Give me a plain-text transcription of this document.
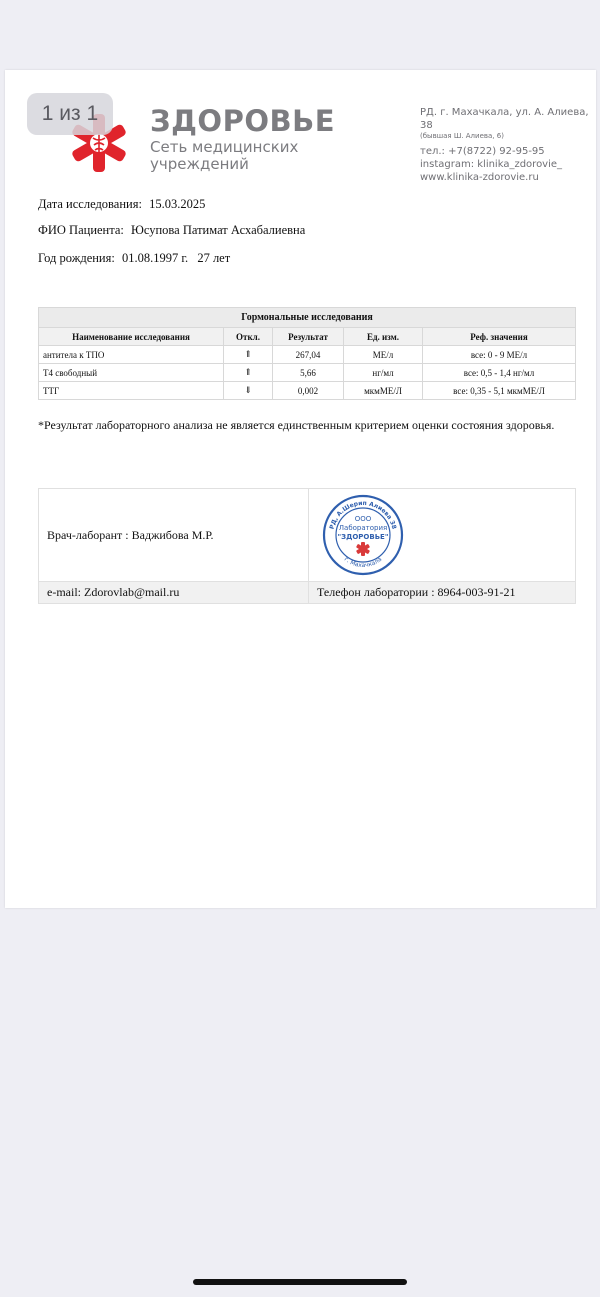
1 из 1	ЗДОРОВЬЕ
Сеть медицинских
учреждений
РД. г. Махачкала, ул. А. Алиева, 38
(бывшая Ш. Алиева, 6)
тел.: +7(8722) 92-95-95
instagram: klinika_zdorovie_
www.klinika-zdorovie.ru
Дата исследования: 15.03.2025
ФИО Пациента: Юсупова Патимат Асхабалиевна
Год рождения: 01.08.1997 г. 27 лет
Гормональные исследования				
Наименование исследования	Откл.	Результат	Ед. изм.	Реф. значения
антитела к ТПО	⇑	267,04	МЕ/л	все: 0 - 9 МЕ/л
Т4 свободный	⇑	5,66	нг/мл	все: 0,5 - 1,4 нг/мл
ТТГ	⇓	0,002	мкмМЕ/Л	все: 0,35 - 5,1 мкмМЕ/Л
*Результат лабораторного анализа не является единственным критерием оценки состояния здоровья.
Врач-лаборант : Ваджибова М.Р.	РД, А.Шерип Алиева 38
г. Махачкала
ООО
Лаборатория
"ЗДОРОВЬЕ"

e-mail: Zdorovlab@mail.ru	Телефон лаборатории : 8964-003-91-21
